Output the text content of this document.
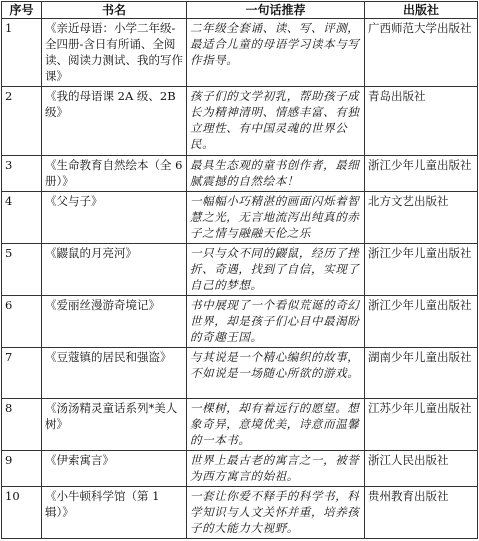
序号	书名	一句话推荐	出版社
1	《亲近母语：小学二年级-全四册-含日有所诵、全阅读、阅读力测试、我的写作课》	二年级全套诵、读、写、评测，最适合儿童的母语学习读本与写作指导。	广西师范大学出版社
2	《我的母语课 2A 级、2B 级》	孩子们的文学初乳，帮助孩子成长为精神清明、情感丰富、有独立理性、有中国灵魂的世界公民。	青岛出版社
3	《生命教育自然绘本（全 6 册）》	最具生态观的童书创作者，最细腻震撼的自然绘本！	浙江少年儿童出版社
4	《父与子》	一幅幅小巧精湛的画面闪烁着智慧之光，无言地流泻出纯真的赤子之情与融融天伦之乐	北方文艺出版社
5	《鼹鼠的月亮河》	一只与众不同的鼹鼠，经历了挫折、奇遇，找到了自信，实现了自己的梦想。	浙江少年儿童出版社
6	《爱丽丝漫游奇境记》	书中展现了一个看似荒诞的奇幻世界，却是孩子们心目中最渴盼的奇趣王国。	浙江少年儿童出版社
7	《豆蔻镇的居民和强盗》	与其说是一个精心编织的故事，不如说是一场随心所欲的游戏。	湖南少年儿童出版社
8	《汤汤精灵童话系列*美人树》	一棵树，却有着远行的愿望。想象奇异，意境优美，诗意而温馨的一本书。	江苏少年儿童出版社
9	《伊索寓言》	世界上最古老的寓言之一，被誉为西方寓言的始祖。	浙江人民出版社
10	《小牛顿科学馆（第 1 辑）》	一套让你爱不释手的科学书，科学知识与人文关怀并重，培养孩子的大能力大视野。	贵州教育出版社
